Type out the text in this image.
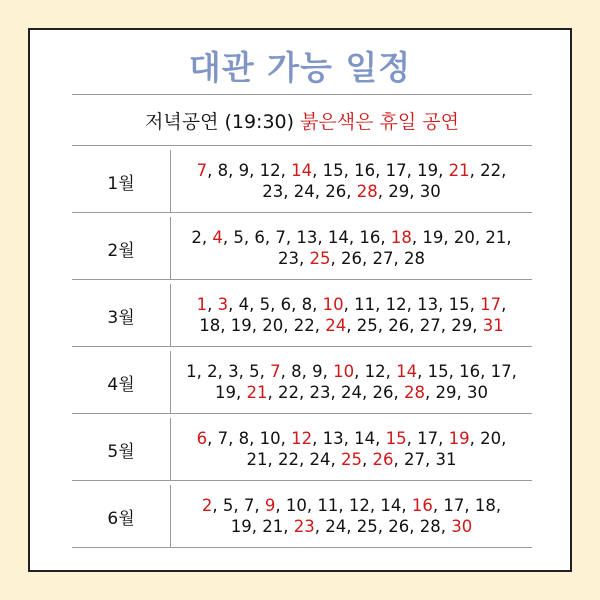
대관 가능 일정
저녁공연 (19:30) 붉은색은 휴일 공연
1월
7, 8, 9, 12, 14, 15, 16, 17, 19, 21, 22,
23, 24, 26, 28, 29, 30
2월
2, 4, 5, 6, 7, 13, 14, 16, 18, 19, 20, 21,
23, 25, 26, 27, 28
3월
1, 3, 4, 5, 6, 8, 10, 11, 12, 13, 15, 17,
18, 19, 20, 22, 24, 25, 26, 27, 29, 31
4월
1, 2, 3, 5, 7, 8, 9, 10, 12, 14, 15, 16, 17,
19, 21, 22, 23, 24, 26, 28, 29, 30
5월
6, 7, 8, 10, 12, 13, 14, 15, 17, 19, 20,
21, 22, 24, 25, 26, 27, 31
6월
2, 5, 7, 9, 10, 11, 12, 14, 16, 17, 18,
19, 21, 23, 24, 25, 26, 28, 30
